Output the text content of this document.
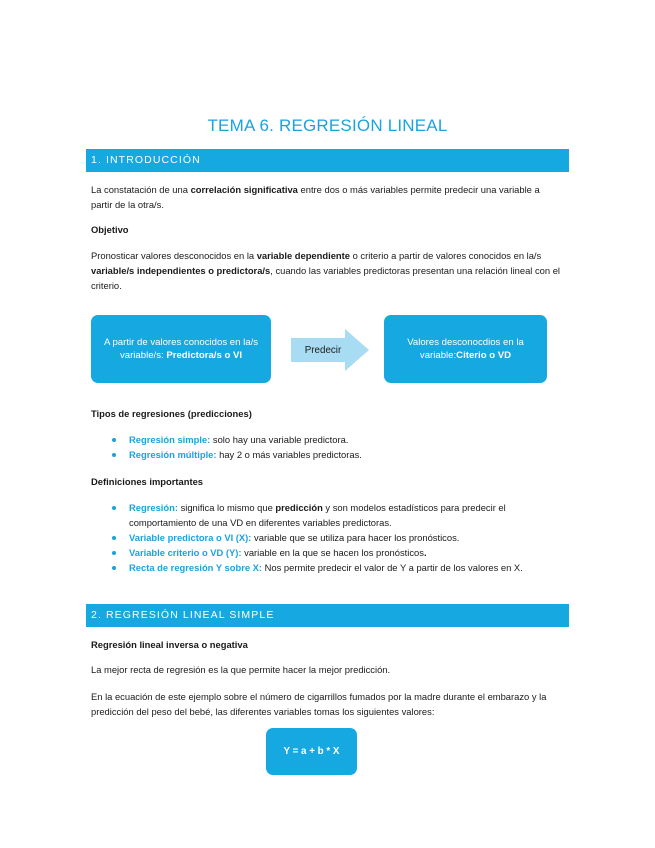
TEMA 6. REGRESIÓN LINEAL
1. INTRODUCCIÓN
La constatación de una correlación significativa entre dos o más variables permite predecir una variable a partir de la otra/s.
Objetivo
Pronosticar valores desconocidos en la variable dependiente o criterio a partir de valores conocidos en la/s variable/s independientes o predictora/s, cuando las variables predictoras presentan una relación lineal con el criterio.
A partir de valores conocidos en la/s variable/s: Predictora/s o VI	Predecir
Valores desconocdios en la variable:Citerio o VD
Tipos de regresiones (predicciones)
Regresión simple: solo hay una variable predictora.
Regresión múltiple: hay 2 o más variables predictoras.
Definiciones importantes
Regresión: significa lo mismo que predicción y son modelos estadísticos para predecir el comportamiento de una VD en diferentes variables predictoras.
Variable predictora o VI (X): variable que se utiliza para hacer los pronósticos.
Variable criterio o VD (Y): variable en la que se hacen los pronósticos.
Recta de regresión Y sobre X: Nos permite predecir el valor de Y a partir de los valores en X.
2. REGRESIÓN LINEAL SIMPLE
Regresión lineal inversa o negativa
La mejor recta de regresión es la que permite hacer la mejor predicción.
En la ecuación de este ejemplo sobre el número de cigarrillos fumados por la madre durante el embarazo y la predicción del peso del bebé, las diferentes variables tomas los siguientes valores:
Y = a + b * X
